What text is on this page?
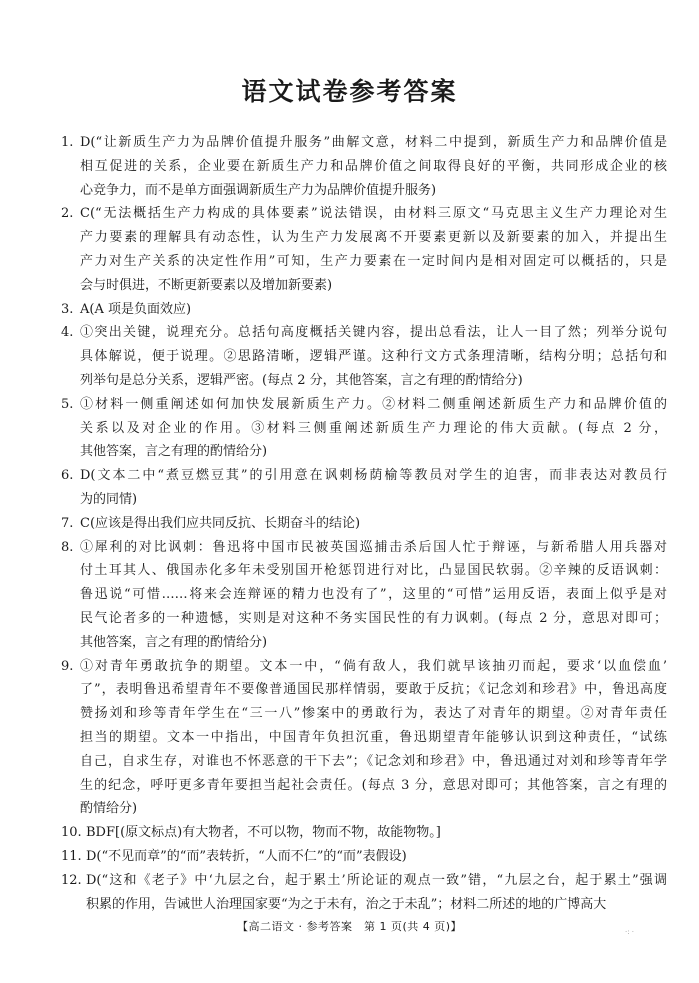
语文试卷参考答案
1. D(“让新质生产力为品牌价值提升服务”曲解文意，材料二中提到，新质生产力和品牌价值是
相互促进的关系，企业要在新质生产力和品牌价值之间取得良好的平衡，共同形成企业的核
心竞争力，而不是单方面强调新质生产力为品牌价值提升服务)
2. C(“无法概括生产力构成的具体要素”说法错误，由材料三原文“马克思主义生产力理论对生
产力要素的理解具有动态性，认为生产力发展离不开要素更新以及新要素的加入，并提出生
产力对生产关系的决定性作用”可知，生产力要素在一定时间内是相对固定可以概括的，只是
会与时俱进，不断更新要素以及增加新要素)
3. A(A 项是负面效应)
4. ①突出关键，说理充分。总括句高度概括关键内容，提出总看法，让人一目了然；列举分说句
具体解说，便于说理。②思路清晰，逻辑严谨。这种行文方式条理清晰，结构分明；总括句和
列举句是总分关系，逻辑严密。(每点 2 分，其他答案，言之有理的酌情给分)
5. ①材料一侧重阐述如何加快发展新质生产力。②材料二侧重阐述新质生产力和品牌价值的
关系以及对企业的作用。③材料三侧重阐述新质生产力理论的伟大贡献。(每点 2 分，
其他答案，言之有理的酌情给分)
6. D(文本二中“煮豆燃豆萁”的引用意在讽刺杨荫榆等教员对学生的迫害，而非表达对教员行
为的同情)
7. C(应该是得出我们应共同反抗、长期奋斗的结论)
8. ①犀利的对比讽刺：鲁迅将中国市民被英国巡捕击杀后国人忙于辩诬，与新希腊人用兵器对
付土耳其人、俄国赤化多年未受别国开枪惩罚进行对比，凸显国民软弱。②辛辣的反语讽刺：
鲁迅说“可惜……将来会连辩诬的精力也没有了”，这里的“可惜”运用反语，表面上似乎是对
民气论者多的一种遗憾，实则是对这种不务实国民性的有力讽刺。(每点 2 分，意思对即可；
其他答案，言之有理的酌情给分)
9. ①对青年勇敢抗争的期望。文本一中，“倘有敌人，我们就早该抽刃而起，要求‘以血偿血’
了”，表明鲁迅希望青年不要像普通国民那样情弱，要敢于反抗；《记念刘和珍君》中，鲁迅高度
赞扬刘和珍等青年学生在“三一八”惨案中的勇敢行为，表达了对青年的期望。②对青年责任
担当的期望。文本一中指出，中国青年负担沉重，鲁迅期望青年能够认识到这种责任，“试练
自己，自求生存，对谁也不怀恶意的干下去”；《记念刘和珍君》中，鲁迅通过对刘和珍等青年学
生的纪念，呼吁更多青年要担当起社会责任。(每点 3 分，意思对即可；其他答案，言之有理的
酌情给分)
10. BDF[(原文标点)有大物者，不可以物，物而不物，故能物物。]
11. D(“不见而章”的“而”表转折，“人而不仁”的“而”表假设)
12. D(“这和《老子》中‘九层之台，起于累土’所论证的观点一致”错，“九层之台，起于累土”强调
积累的作用，告诫世人治理国家要“为之于未有，治之于未乱”；材料二所述的地的广博高大
【高二语文 · 参考答案　第 1 页(共 4 页)】	·: ·
